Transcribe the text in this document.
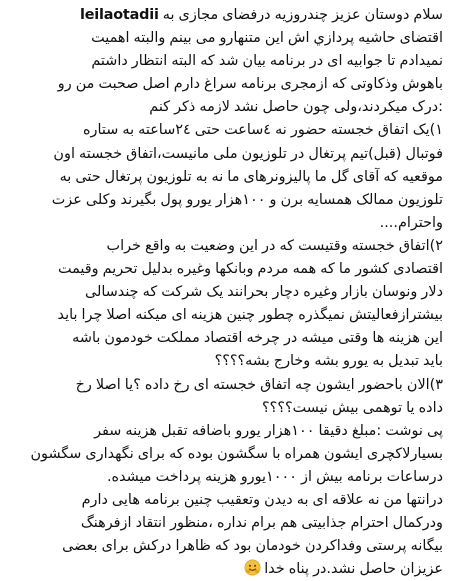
سلام دوستان عزیز چندروزیه درفضای مجازی به leilaotadii
اقتضای حاشیه پردازي اش این متنهارو می بینم والبته اهمیت
نمیدادم تا جوابیه ای در برنامه بیان شد که البته انتظار داشتم
باهوش وذکاوتی که ازمجری برنامه سراغ دارم اصل صحبت من رو
:درک میکردند،ولی چون حاصل نشد لازمه ذکر کنم
۱)یک اتفاق خجسته حضور نه ٤ساعت حتی ٢٤ساعته به ستاره
فوتبال (قبل)تیم پرتغال در تلوزیون ملی مانیست،اتفاق خجسته اون
موقعیه که آقای گل ما پالیزونرهای ما نه به تلوزیون پرتغال حتی به
تلوزیون ممالک همسایه برن و ۱۰۰هزار یورو پول بگیرند وکلی عزت
واحترام....
۲)اتفاق خجسته وقتیست که در این وضعیت به واقع خراب
اقتصادی کشور ما که همه مردم وبانکها وغیره بدلیل تحریم وقیمت
دلار ونوسان بازار وغیره دچار بحرانند یک شرکت که چندسالی
بیشترازفعالیتش نمیگذره چطور چنین هزینه ای میکنه اصلا چرا باید
این هزینه ها وقتی میشه در چرخه اقتصاد مملکت خودمون باشه
باید تبدیل به یورو بشه وخارج بشه؟؟؟؟
۳)الان باحضور ایشون چه اتفاق خجسته ای رخ داده ؟یا اصلا رخ
داده یا توهمی بیش نیست؟؟؟؟
پی نوشت :مبلغ دقیقا ۱۰۰هزار یورو باضافه تقبل هزینه سفر
بسیارلاکچری ایشون همراه با سگشون بوده که برای نگهداری سگشون
درساعات برنامه بیش از ۱۰۰۰یورو هزینه پرداخت میشده.
درانتها من نه علاقه ای به دیدن وتعقیب چنین برنامه هایی دارم
ودرکمال احترام جذابیتی هم برام نداره ،منظور انتقاد ازفرهنگ
بیگانه پرستی وفداکردن خودمان بود که ظاهرا درکش برای بعضی
عزیزان حاصل نشد.در پناه خدا
🤗
